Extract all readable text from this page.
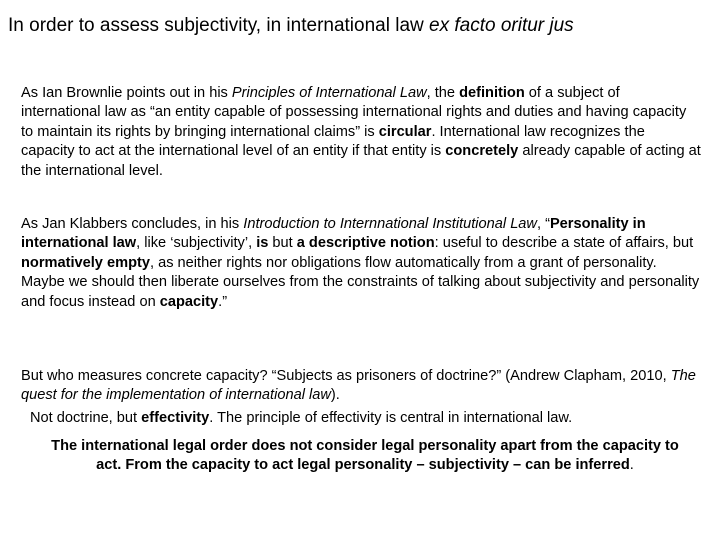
In order to assess subjectivity, in international law ex facto oritur jus
As Ian Brownlie points out in his Principles of International Law, the definition of a subject of international law as “an entity capable of possessing international rights and duties and having capacity to maintain its rights by bringing international claims” is circular. International law recognizes the capacity to act at the international level of an entity if that entity is concretely already capable of acting at the international level.
As Jan Klabbers concludes, in his Introduction to Internnational Institutional Law, “Personality in international law, like ‘subjectivity’, is but a descriptive notion: useful to describe a state of affairs, but normatively empty, as neither rights nor obligations flow automatically from a grant of personality. Maybe we should then liberate ourselves from the constraints of talking about subjectivity and personality and focus instead on capacity.”
But who measures concrete capacity? “Subjects as prisoners of doctrine?” (Andrew Clapham, 2010, The quest for the implementation of international law).
Not doctrine, but effectivity. The principle of effectivity is central in international law.
The international legal order does not consider legal personality apart from the capacity to act. From the capacity to act legal personality – subjectivity – can be inferred.
